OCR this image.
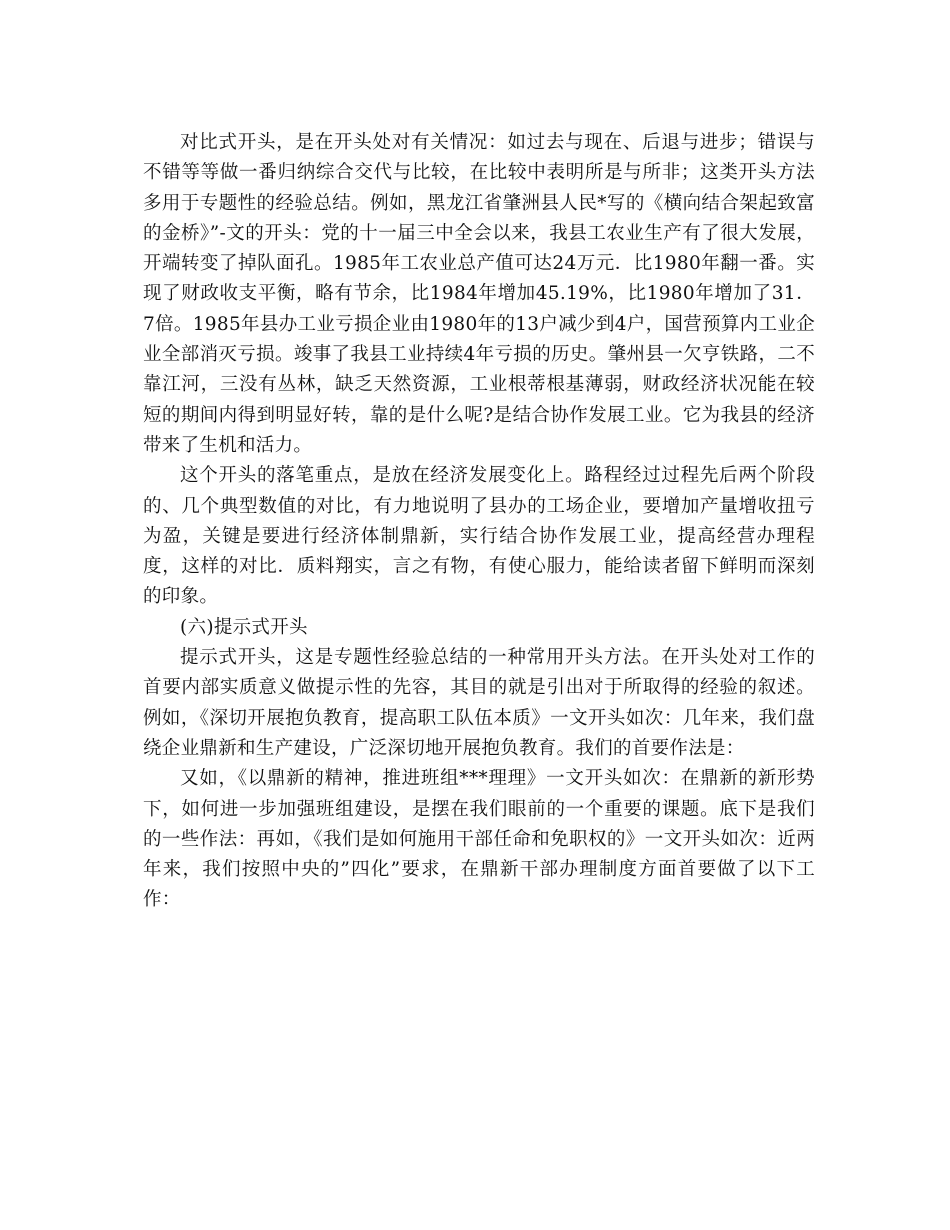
对比式开头，是在开头处对有关情况：如过去与现在、后退与进步；错误与不错等等做一番归纳综合交代与比较，在比较中表明所是与所非；这类开头方法多用于专题性的经验总结。例如，黑龙江省肇洲县人民*写的《横向结合架起致富的金桥》”-文的开头：党的十一届三中全会以来，我县工农业生产有了很大发展，开端转变了掉队面孔。1985年工农业总产值可达24万元．比1980年翻一番。实现了财政收支平衡，略有节余，比1984年增加45.19%，比1980年增加了31．7倍。1985年县办工业亏损企业由1980年的13户减少到4户，国营预算内工业企业全部消灭亏损。竣事了我县工业持续4年亏损的历史。肇州县一欠亨铁路，二不靠江河，三没有丛林，缺乏天然资源，工业根蒂根基薄弱，财政经济状况能在较短的期间内得到明显好转，靠的是什么呢?是结合协作发展工业。它为我县的经济带来了生机和活力。

这个开头的落笔重点，是放在经济发展变化上。路程经过过程先后两个阶段的、几个典型数值的对比，有力地说明了县办的工场企业，要增加产量增收扭亏为盈，关键是要进行经济体制鼎新，实行结合协作发展工业，提高经营办理程度，这样的对比．质料翔实，言之有物，有使心服力，能给读者留下鲜明而深刻的印象。

(六)提示式开头

提示式开头，这是专题性经验总结的一种常用开头方法。在开头处对工作的首要内部实质意义做提示性的先容，其目的就是引出对于所取得的经验的叙述。例如，《深切开展抱负教育，提高职工队伍本质》一文开头如次：几年来，我们盘绕企业鼎新和生产建设，广泛深切地开展抱负教育。我们的首要作法是：

又如，《以鼎新的精神，推进班组***理理》一文开头如次：在鼎新的新形势下，如何进一步加强班组建设，是摆在我们眼前的一个重要的课题。底下是我们的一些作法：再如，《我们是如何施用干部任命和免职权的》一文开头如次：近两年来，我们按照中央的”四化”要求，在鼎新干部办理制度方面首要做了以下工作：
